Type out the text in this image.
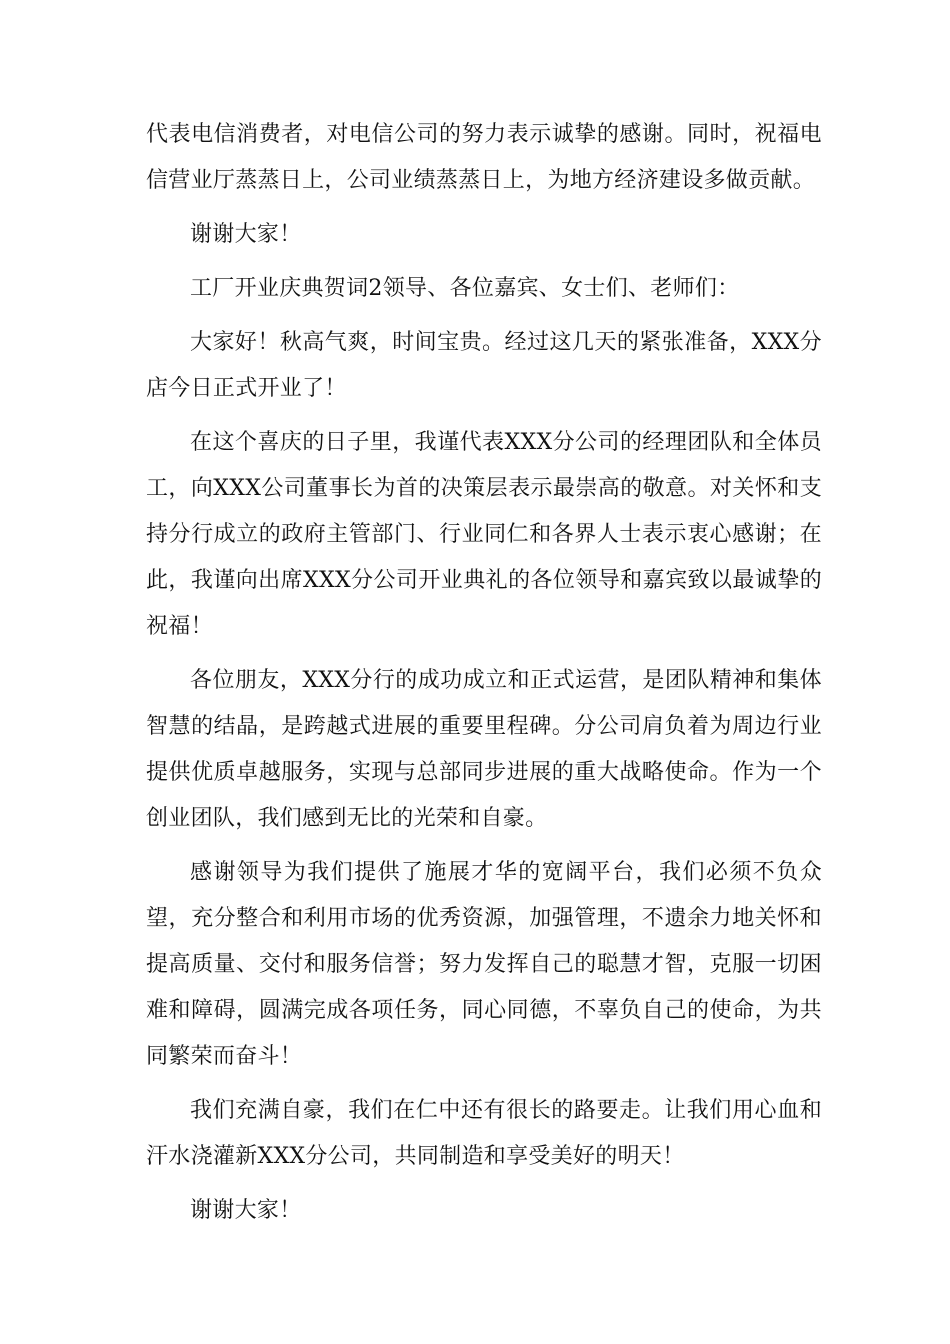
代表电信消费者，对电信公司的努力表示诚挚的感谢。同时，祝福电信营业厅蒸蒸日上，公司业绩蒸蒸日上，为地方经济建设多做贡献。

谢谢大家！

工厂开业庆典贺词2领导、各位嘉宾、女士们、老师们：

大家好！秋高气爽，时间宝贵。经过这几天的紧张准备，XXX分店今日正式开业了！

在这个喜庆的日子里，我谨代表XXX分公司的经理团队和全体员工，向XXX公司董事长为首的决策层表示最崇高的敬意。对关怀和支持分行成立的政府主管部门、行业同仁和各界人士表示衷心感谢；在此，我谨向出席XXX分公司开业典礼的各位领导和嘉宾致以最诚挚的祝福！

各位朋友，XXX分行的成功成立和正式运营，是团队精神和集体智慧的结晶，是跨越式进展的重要里程碑。分公司肩负着为周边行业提供优质卓越服务，实现与总部同步进展的重大战略使命。作为一个创业团队，我们感到无比的光荣和自豪。

感谢领导为我们提供了施展才华的宽阔平台，我们必须不负众望，充分整合和利用市场的优秀资源，加强管理，不遗余力地关怀和提高质量、交付和服务信誉；努力发挥自己的聪慧才智，克服一切困难和障碍，圆满完成各项任务，同心同德，不辜负自己的使命，为共同繁荣而奋斗！

我们充满自豪，我们在仁中还有很长的路要走。让我们用心血和汗水浇灌新XXX分公司，共同制造和享受美好的明天！

谢谢大家！
